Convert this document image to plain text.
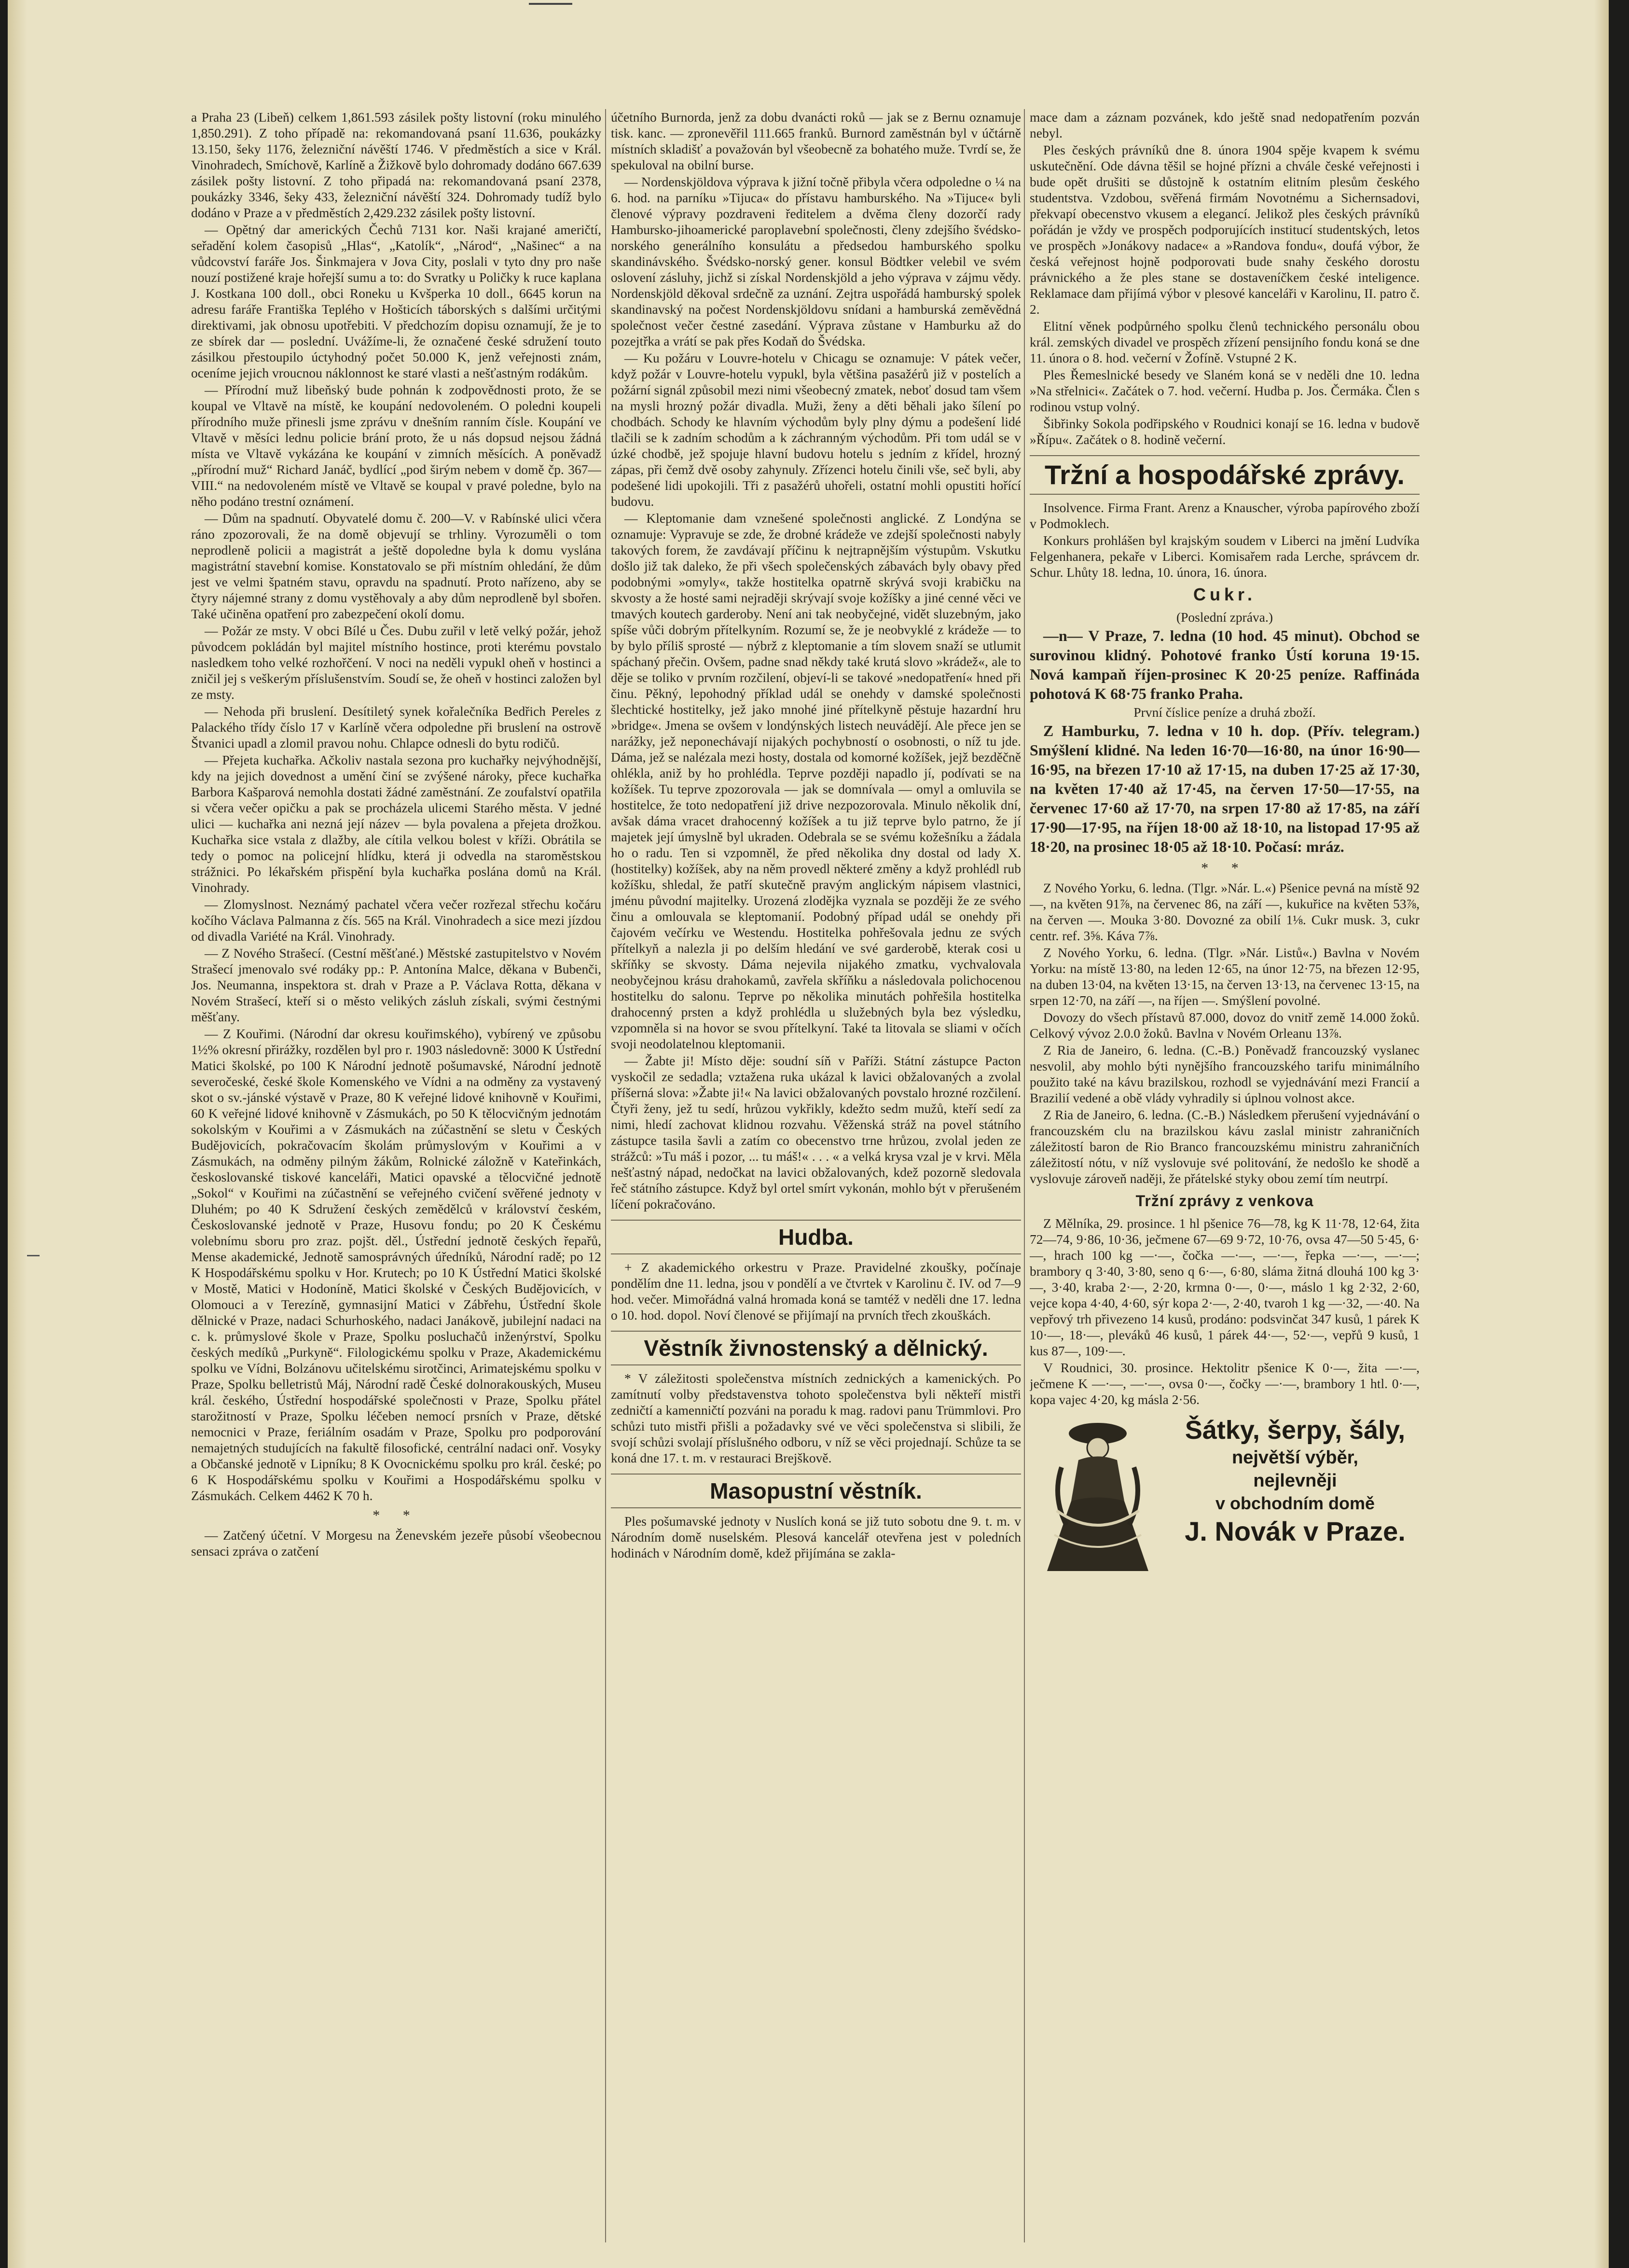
a Praha 23 (Libeň) celkem 1,861.593 zásilek pošty listovní (roku minulého 1,850.291). Z toho případě na: rekomandovaná psaní 11.636, poukázky 13.150, šeky 1176, železniční návěští 1746. V předměstích a sice v Král. Vinohradech, Smíchově, Karlíně a Žižkově bylo dohromady dodáno 667.639 zásilek pošty listovní. Z toho připadá na: rekomandovaná psaní 2378, poukázky 3346, šeky 433, železniční návěští 324. Dohromady tudíž bylo dodáno v Praze a v předměstích 2,429.232 zásilek pošty listovní.

— Opětný dar amerických Čechů 7131 kor. Naši krajané američtí, seřadění kolem časopisů „Hlas“, „Katolík“, „Národ“, „Našinec“ a na vůdcovství faráře Jos. Šinkmajera v Jova City, poslali v tyto dny pro naše nouzí postižené kraje hořejší sumu a to: do Svratky u Poličky k ruce kaplana J. Kostkana 100 doll., obci Roneku u Kvšperka 10 doll., 6645 korun na adresu faráře Františka Teplého v Hošticích táborských s dalšími určitými direktivami, jak obnosu upotřebiti. V předchozím dopisu oznamují, že je to ze sbírek dar — poslední. Uvážíme-li, že označené české sdružení touto zásilkou přestoupilo úctyhodný počet 50.000 K, jenž veřejnosti znám, oceníme jejich vroucnou náklonnost ke staré vlasti a nešťastným rodákům.

— Přírodní muž libeňský bude pohnán k zodpovědnosti proto, že se koupal ve Vltavě na místě, ke koupání nedovoleném. O poledni koupeli přírodního muže přinesli jsme zprávu v dnešním ranním čísle. Koupání ve Vltavě v měsíci lednu policie brání proto, že u nás dopsud nejsou žádná místa ve Vltavě vykázána ke koupání v zimních měsících. A poněvadž „přírodní muž“ Richard Janáč, bydlící „pod širým nebem v domě čp. 367—VIII.“ na nedovoleném místě ve Vltavě se koupal v pravé poledne, bylo na něho podáno trestní oznámení.

— Dům na spadnutí. Obyvatelé domu č. 200—V. v Rabínské ulici včera ráno zpozorovali, že na domě objevují se trhliny. Vyrozuměli o tom neprodleně policii a magistrát a ještě dopoledne byla k domu vyslána magistrátní stavební komise. Konstatovalo se při místním ohledání, že dům jest ve velmi špatném stavu, opravdu na spadnutí. Proto nařízeno, aby se čtyry nájemné strany z domu vystěhovaly a aby dům neprodleně byl sbořen. Také učiněna opatření pro zabezpečení okolí domu.

— Požár ze msty. V obci Bílé u Čes. Dubu zuřil v letě velký požár, jehož původcem pokládán byl majitel místního hostince, proti kterému povstalo nasledkem toho velké rozhořčení. V noci na neděli vypukl oheň v hostinci a zničil jej s veškerým příslušenstvím. Soudí se, že oheň v hostinci založen byl ze msty.

— Nehoda při bruslení. Desítiletý synek kořalečníka Bedřich Pereles z Palackého třídy číslo 17 v Karlíně včera odpoledne při bruslení na ostrově Štvanici upadl a zlomil pravou nohu. Chlapce odnesli do bytu rodičů.

— Přejeta kuchařka. Ačkoliv nastala sezona pro kuchařky nejvýhodnější, kdy na jejich dovednost a umění činí se zvýšené nároky, přece kuchařka Barbora Kašparová nemohla dostati žádné zaměstnání. Ze zoufalství opatřila si včera večer opičku a pak se procházela ulicemi Starého města. V jedné ulici — kuchařka ani nezná její název — byla povalena a přejeta drožkou. Kuchařka sice vstala z dlažby, ale cítila velkou bolest v kříži. Obrátila se tedy o pomoc na policejní hlídku, která ji odvedla na staroměstskou strážnici. Po lékařském přispění byla kuchařka poslána domů na Král. Vinohrady.

— Zlomyslnost. Neznámý pachatel včera večer rozřezal střechu kočáru kočího Václava Palmanna z čís. 565 na Král. Vinohradech a sice mezi jízdou od divadla Variété na Král. Vinohrady.

— Z Nového Strašecí. (Cestní měšťané.) Městské zastupitelstvo v Novém Strašecí jmenovalo své rodáky pp.: P. Antonína Malce, děkana v Bubenči, Jos. Neumanna, inspektora st. drah v Praze a P. Václava Rotta, děkana v Novém Strašecí, kteří si o město velikých zásluh získali, svými čestnými měšťany.

— Z Kouřimi. (Národní dar okresu kouřimského), vybírený ve způsobu 1½% okresní přirážky, rozdělen byl pro r. 1903 následovně: 3000 K Ústřední Matici školské, po 100 K Národní jednotě pošumavské, Národní jednotě severočeské, české škole Komenského ve Vídni a na odměny za vystavený skot o sv.-jánské výstavě v Praze, 80 K veřejné lidové knihovně v Kouřimi, 60 K veřejné lidové knihovně v Zásmukách, po 50 K tělocvičným jednotám sokolským v Kouřimi a v Zásmukách na zúčastnění se sletu v Českých Budějovicích, pokračovacím školám průmyslovým v Kouřimi a v Zásmukách, na odměny pilným žákům, Rolnické záložně v Kateřinkách, českoslovanské tiskové kanceláři, Matici opavské a tělocvičné jednotě „Sokol“ v Kouřimi na zúčastnění se veřejného cvičení svěřené jednoty v Dluhém; po 40 K Sdružení českých zemědělců v království českém, Českoslovanské jednotě v Praze, Husovu fondu; po 20 K Českému volebnímu sboru pro zraz. pojšt. děl., Ústřední jednotě českých řepařů, Mense akademické, Jednotě samosprávných úředníků, Národní radě; po 12 K Hospodářskému spolku v Hor. Krutech; po 10 K Ústřední Matici školské v Mostě, Matici v Hodoníně, Matici školské v Českých Budějovicích, v Olomouci a v Terezíně, gymnasijní Matici v Zábřehu, Ústřední škole dělnické v Praze, nadaci Schurhoského, nadaci Janákově, jubilejní nadaci na c. k. průmyslové škole v Praze, Spolku posluchačů inženýrství, Spolku českých medíků „Purkyně“. Filologickému spolku v Praze, Akademickému spolku ve Vídni, Bolzánovu učitelskému sirotčinci, Arimatejskému spolku v Praze, Spolku belletristů Máj, Národní radě České dolnorakouských, Museu král. českého, Ústřední hospodářské společnosti v Praze, Spolku přátel starožitností v Praze, Spolku léčeben nemocí prsních v Praze, dětské nemocnici v Praze, feriálním osadám v Praze, Spolku pro podporování nemajetných studujících na fakultě filosofické, centrální nadaci onř. Vosyky a Občanské jednotě v Lipníku; 8 K Ovocnickému spolku pro král. české; po 6 K Hospodářskému spolku v Kouřimi a Hospodářskému spolku v Zásmukách. Celkem 4462 K 70 h.

* *

— Zatčený účetní. V Morgesu na Ženevském jezeře působí všeobecnou sensaci zpráva o zatčení

účetního Burnorda, jenž za dobu dvanácti roků — jak se z Bernu oznamuje tisk. kanc. — zpronevěřil 111.665 franků. Burnord zaměstnán byl v účtárně místních skladišť a považován byl všeobecně za bohatého muže. Tvrdí se, že spekuloval na obilní burse.

— Nordenskjöldova výprava k jižní točně přibyla včera odpoledne o ¼ na 6. hod. na parníku »Tijuca« do přístavu hamburského. Na »Tijuce« byli členové výpravy pozdraveni ředitelem a dvěma členy dozorčí rady Hambursko-jihoamerické paroplavební společnosti, členy zdejšího švédsko-norského generálního konsulátu a předsedou hamburského spolku skandinávského. Švédsko-norský gener. konsul Bödtker velebil ve svém oslovení zásluhy, jichž si získal Nordenskjöld a jeho výprava v zájmu vědy. Nordenskjöld děkoval srdečně za uznání. Zejtra uspořádá hamburský spolek skandinavský na počest Nordenskjöldovu snídani a hamburská zeměvědná společnost večer čestné zasedání. Výprava zůstane v Hamburku až do pozejtřka a vrátí se pak přes Kodaň do Švédska.

— Ku požáru v Louvre-hotelu v Chicagu se oznamuje: V pátek večer, když požár v Louvre-hotelu vypukl, byla většina pasažérů již v postelích a požární signál způsobil mezi nimi všeobecný zmatek, neboť dosud tam všem na mysli hrozný požár divadla. Muži, ženy a děti běhali jako šílení po chodbách. Schody ke hlavním východům byly plny dýmu a podešení lidé tlačili se k zadním schodům a k záchranným východům. Při tom udál se v úzké chodbě, jež spojuje hlavní budovu hotelu s jedním z křídel, hrozný zápas, při čemž dvě osoby zahynuly. Zřízenci hotelu činili vše, seč byli, aby podešené lidi upokojili. Tři z pasažérů uhořeli, ostatní mohli opustiti hořící budovu.

— Kleptomanie dam vznešené společnosti anglické. Z Londýna se oznamuje: Vypravuje se zde, že drobné krádeže ve zdejší společnosti nabyly takových forem, že zavdávají příčinu k nejtrapnějším výstupům. Vskutku došlo již tak daleko, že při všech společenských zábavách byly obavy před podobnými »omyly«, takže hostitelka opatrně skrývá svoji krabičku na skvosty a že hosté sami nejraději skrývají svoje kožíšky a jiné cenné věci ve tmavých koutech garderoby. Není ani tak neobyčejné, vidět sluzebným, jako spíše vůči dobrým přítelkyním. Rozumí se, že je neobvyklé z krádeže — to by bylo příliš sprosté — nýbrž z kleptomanie a tím slovem snaží se utlumit spáchaný přečin. Ovšem, padne snad někdy také krutá slovo »krádež«, ale to děje se toliko v prvním rozčilení, objeví-li se takové »nedopatření« hned při činu. Pěkný, lepohodný příklad udál se onehdy v damské společnosti šlechtické hostitelky, jež jako mnohé jiné přítelkyně pěstuje hazardní hru »bridge«. Jmena se ovšem v londýnských listech neuvádějí. Ale přece jen se narážky, jež neponechávají nijakých pochybností o osobnosti, o níž tu jde. Dáma, jež se nalézala mezi hosty, dostala od komorné kožíšek, jejž bezděčně ohlékla, aniž by ho prohlédla. Teprve později napadlo jí, podívati se na kožíšek. Tu teprve zpozorovala — jak se domnívala — omyl a omluvila se hostitelce, že toto nedopatření již drive nezpozorovala. Minulo několik dní, avšak dáma vracet drahocenný kožíšek a tu již teprve bylo patrno, že jí majetek její úmyslně byl ukraden. Odebrala se se svému kožešníku a žádala ho o radu. Ten si vzpomněl, že před několika dny dostal od lady X. (hostitelky) kožíšek, aby na něm provedl některé změny a když prohlédl rub kožíšku, shledal, že patří skutečně pravým anglickým nápisem vlastnici, jménu původní majitelky. Urozená zlodějka vyznala se později že ze svého činu a omlouvala se kleptomanií. Podobný případ udál se onehdy při čajovém večírku ve Westendu. Hostitelka pohřešovala jednu ze svých přítelkyň a nalezla ji po delším hledání ve své garderobě, kterak cosi u skříňky se skvosty. Dáma nejevila nijakého zmatku, vychvalovala neobyčejnou krásu drahokamů, zavřela skříňku a následovala polichocenou hostitelku do salonu. Teprve po několika minutách pohřešila hostitelka drahocenný prsten a když prohlédla u služebných byla bez výsledku, vzpomněla si na hovor se svou přítelkyní. Také ta litovala se sliami v očích svoji neodolatelnou kleptomanii.

— Žabte ji! Místo děje: soudní síň v Paříži. Státní zástupce Pacton vyskočil ze sedadla; vztažena ruka ukázal k lavici obžalovaných a zvolal příšerná slova: »Žabte ji!« Na lavici obžalovaných povstalo hrozné rozčilení. Čtyři ženy, jež tu sedí, hrůzou vykřikly, kdežto sedm mužů, kteří sedí za nimi, hledí zachovat klidnou rozvahu. Věženská stráž na povel státního zástupce tasila šavli a zatím co obecenstvo trne hrůzou, zvolal jeden ze strážců: »Tu máš i pozor, ... tu máš!« . . . « a velká krysa vzal je v krvi. Měla nešťastný nápad, nedočkat na lavici obžalovaných, kdež pozorně sledovala řeč státního zástupce. Když byl ortel smírt vykonán, mohlo být v přerušeném líčení pokračováno.

Hudba.

+ Z akademického orkestru v Praze. Pravidelné zkoušky, počínaje pondělím dne 11. ledna, jsou v pondělí a ve čtvrtek v Karolinu č. IV. od 7—9 hod. večer. Mimořádná valná hromada koná se tamtéž v neděli dne 17. ledna o 10. hod. dopol. Noví členové se přijímají na prvních třech zkouškách.

Věstník živnostenský a dělnický.

* V záležitosti společenstva místních zednických a kamenických. Po zamítnutí volby představenstva tohoto společenstva byli někteří mistři zedničtí a kamenničtí pozváni na poradu k mag. radovi panu Trümmlovi. Pro schůzi tuto mistři přišli a požadavky své ve věci společenstva si slibili, že svojí schůzi svolají příslušného odboru, v níž se věci projednají. Schůze ta se koná dne 17. t. m. v restauraci Brejškově.

Masopustní věstník.

Ples pošumavské jednoty v Nuslích koná se již tuto sobotu dne 9. t. m. v Národním domě nuselském. Plesová kancelář otevřena jest v poledních hodinách v Národním domě, kdež přijímána se zakla-

mace dam a záznam pozvánek, kdo ještě snad nedopatřením pozván nebyl.

Ples českých právníků dne 8. února 1904 spěje kvapem k svému uskutečnění. Ode dávna těšil se hojné přízni a chvále české veřejnosti i bude opět drušiti se důstojně k ostatním elitním plesům českého studentstva. Vzdobou, svěřená firmám Novotnému a Sichernsadovi, překvapí obecenstvo vkusem a elegancí. Jelikož ples českých právníků pořádán je vždy ve prospěch podporujících institucí studentských, letos ve prospěch »Jonákovy nadace« a »Randova fondu«, doufá výbor, že česká veřejnost hojně podporovati bude snahy českého dorostu právnického a že ples stane se dostaveníčkem české inteligence. Reklamace dam přijímá výbor v plesové kanceláři v Karolinu, II. patro č. 2.

Elitní věnek podpůrného spolku členů technického personálu obou král. zemských divadel ve prospěch zřízení pensijního fondu koná se dne 11. února o 8. hod. večerní v Žofíně. Vstupné 2 K.

Ples Řemeslnické besedy ve Slaném koná se v neděli dne 10. ledna »Na střelnici«. Začátek o 7. hod. večerní. Hudba p. Jos. Čermáka. Člen s rodinou vstup volný.

Šibřinky Sokola podřipského v Roudnici konají se 16. ledna v budově »Řípu«. Začátek o 8. hodině večerní.

Tržní a hospodářské zprávy.

Insolvence. Firma Frant. Arenz a Knauscher, výroba papírového zboží v Podmoklech.

Konkurs prohlášen byl krajským soudem v Liberci na jmění Ludvíka Felgenhanera, pekaře v Liberci. Komisařem rada Lerche, správcem dr. Schur. Lhůty 18. ledna, 10. února, 16. února.

Cukr.

(Poslední zpráva.)

—n— V Praze, 7. ledna (10 hod. 45 minut). Obchod se surovinou klidný. Pohotové franko Ústí koruna 19·15. Nová kampaň říjen-prosinec K 20·25 peníze. Raffináda pohotová K 68·75 franko Praha.

První číslice peníze a druhá zboží.

Z Hamburku, 7. ledna v 10 h. dop. (Přív. telegram.) Smýšlení klidné. Na leden 16·70—16·80, na únor 16·90—16·95, na březen 17·10 až 17·15, na duben 17·25 až 17·30, na květen 17·40 až 17·45, na červen 17·50—17·55, na červenec 17·60 až 17·70, na srpen 17·80 až 17·85, na září 17·90—17·95, na říjen 18·00 až 18·10, na listopad 17·95 až 18·20, na prosinec 18·05 až 18·10. Počasí: mráz.

* *

Z Nového Yorku, 6. ledna. (Tlgr. »Nár. L.«) Pšenice pevná na místě 92 —, na květen 91⅞, na červenec 86, na září —, kukuřice na květen 53⅞, na červen —. Mouka 3·80. Dovozné za obilí 1⅛. Cukr musk. 3, cukr centr. ref. 3⅝. Káva 7⅞.

Z Nového Yorku, 6. ledna. (Tlgr. »Nár. Listů«.) Bavlna v Novém Yorku: na místě 13·80, na leden 12·65, na únor 12·75, na březen 12·95, na duben 13·04, na květen 13·15, na červen 13·13, na červenec 13·15, na srpen 12·70, na září —, na říjen —. Smýšlení povolné.

Dovozy do všech přístavů 87.000, dovoz do vnitř země 14.000 žoků. Celkový vývoz 2.0.0 žoků. Bavlna v Novém Orleanu 13⅞.

Z Ria de Janeiro, 6. ledna. (C.-B.) Poněvadž francouzský vyslanec nesvolil, aby mohlo býti nynějšího francouzského tarifu minimálního použito také na kávu brazilskou, rozhodl se vyjednávání mezi Francií a Brazilií vedené a obě vlády vyhradily si úplnou volnost akce.

Z Ria de Janeiro, 6. ledna. (C.-B.) Následkem přerušení vyjednávání o francouzském clu na brazilskou kávu zaslal ministr zahraničních záležitostí baron de Rio Branco francouzskému ministru zahraničních záležitostí nótu, v níž vyslovuje své politování, že nedošlo ke shodě a vyslovuje zároveň naději, že přátelské styky obou zemí tím neutrpí.

Tržní zprávy z venkova

Z Mělníka, 29. prosince. 1 hl pšenice 76—78, kg K 11·78, 12·64, žita 72—74, 9·86, 10·36, ječmene 67—69 9·72, 10·76, ovsa 47—50 5·45, 6·—, hrach 100 kg —·—, čočka —·—, —·—, řepka —·—, —·—; brambory q 3·40, 3·80, seno q 6·—, 6·80, sláma žitná dlouhá 100 kg 3·—, 3·40, kraba 2·—, 2·20, krmna 0·—, 0·—, máslo 1 kg 2·32, 2·60, vejce kopa 4·40, 4·60, sýr kopa 2·—, 2·40, tvaroh 1 kg —·32, —·40. Na vepřový trh přivezeno 14 kusů, prodáno: podsvinčat 347 kusů, 1 párek K 10·—, 18·—, pleváků 46 kusů, 1 párek 44·—, 52·—, vepřů 9 kusů, 1 kus 87—, 109·—.

V Roudnici, 30. prosince. Hektolitr pšenice K 0·—, žita —·—, ječmene K —·—, —·—, ovsa 0·—, čočky —·—, brambory 1 htl. 0·—, kopa vajec 4·20, kg másla 2·56.

Šátky, šerpy, šály,
největší výběr,
nejlevněji
v obchodním domě
J. Novák v Praze.
